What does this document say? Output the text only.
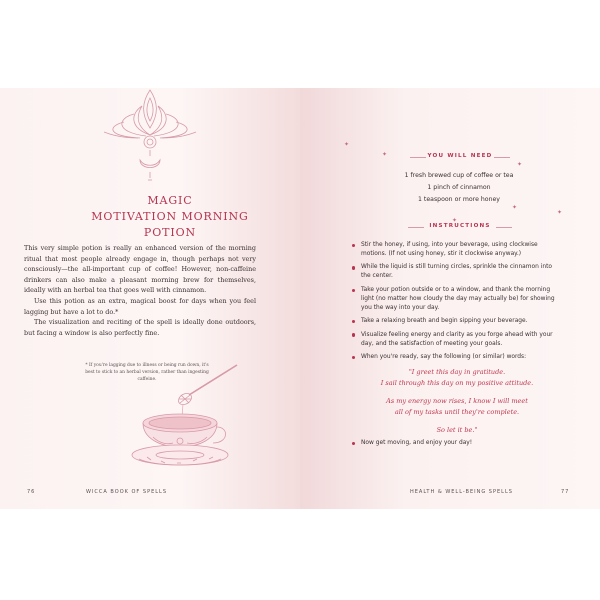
MAGIC
MOTIVATION MORNING
POTION

This very simple potion is really an enhanced version of the morning ritual that most people already engage in, though perhaps not very consciously—the all-important cup of coffee! However, non-caffeine drinkers can also make a pleasant morning brew for themselves, ideally with an herbal tea that goes well with cinnamon.

Use this potion as an extra, magical boost for days when you feel lagging but have a lot to do.*

The visualization and reciting of the spell is ideally done outdoors, but facing a window is also perfectly fine.

* If you're lagging due to illness or being run down, it's best to stick to an herbal version, rather than ingesting caffeine.
76	WICCA BOOK OF SPELLS
✦
✦
✦
✦
✦
✦
YOU WILL NEED
1 fresh brewed cup of coffee or tea
1 pinch of cinnamon
1 teaspoon or more honey
INSTRUCTIONS
Stir the honey, if using, into your beverage, using clockwise motions. (If not using honey, stir it clockwise anyway.)
While the liquid is still turning circles, sprinkle the cinnamon into the center.
Take your potion outside or to a window, and thank the morning light (no matter how cloudy the day may actually be) for showing you the way into your day.
Take a relaxing breath and begin sipping your beverage.
Visualize feeling energy and clarity as you forge ahead with your day, and the satisfaction of meeting your goals.
When you're ready, say the following (or similar) words:
"I greet this day in gratitude.
I sail through this day on my positive attitude.
As my energy now rises, I know I will meet
all of my tasks until they're complete.
So let it be."
Now get moving, and enjoy your day!
HEALTH & WELL-BEING SPELLS	77
